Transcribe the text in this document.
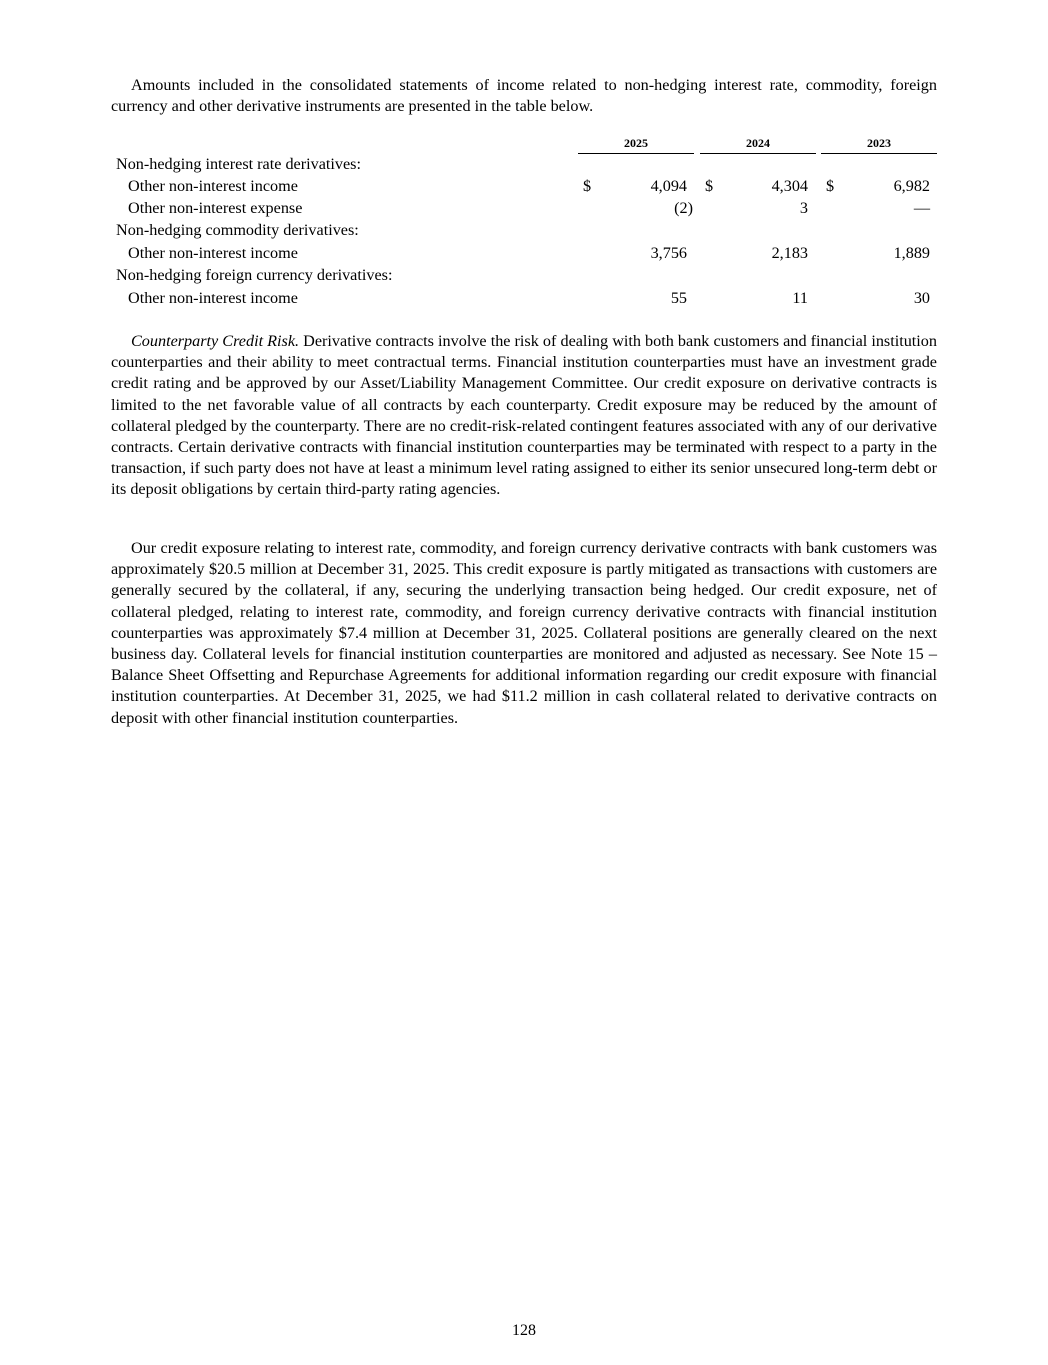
Amounts included in the consolidated statements of income related to non-hedging interest rate, commodity, foreign currency and other derivative instruments are presented in the table below.

2025	2024	2023
Non-hedging interest rate derivatives:
Other non-interest income	$	4,094 $	4,304 $	6,982
Other non-interest expense	(2)	3	—
Non-hedging commodity derivatives:
Other non-interest income	3,756	2,183	1,889
Non-hedging foreign currency derivatives:
Other non-interest income	55	11	30

Counterparty Credit Risk. Derivative contracts involve the risk of dealing with both bank customers and financial institution counterparties and their ability to meet contractual terms. Financial institution counterparties must have an investment grade credit rating and be approved by our Asset/Liability Management Committee. Our credit exposure on derivative contracts is limited to the net favorable value of all contracts by each counterparty. Credit exposure may be reduced by the amount of collateral pledged by the counterparty. There are no credit-risk-related contingent features associated with any of our derivative contracts. Certain derivative contracts with financial institution counterparties may be terminated with respect to a party in the transaction, if such party does not have at least a minimum level rating assigned to either its senior unsecured long-term debt or its deposit obligations by certain third-party rating agencies.

Our credit exposure relating to interest rate, commodity, and foreign currency derivative contracts with bank customers was approximately $20.5 million at December 31, 2025. This credit exposure is partly mitigated as transactions with customers are generally secured by the collateral, if any, securing the underlying transaction being hedged. Our credit exposure, net of collateral pledged, relating to interest rate, commodity, and foreign currency derivative contracts with financial institution counterparties was approximately $7.4 million at December 31, 2025. Collateral positions are generally cleared on the next business day. Collateral levels for financial institution counterparties are monitored and adjusted as necessary. See Note 15 – Balance Sheet Offsetting and Repurchase Agreements for additional information regarding our credit exposure with financial institution counterparties. At December 31, 2025, we had $11.2 million in cash collateral related to derivative contracts on deposit with other financial institution counterparties.

128
